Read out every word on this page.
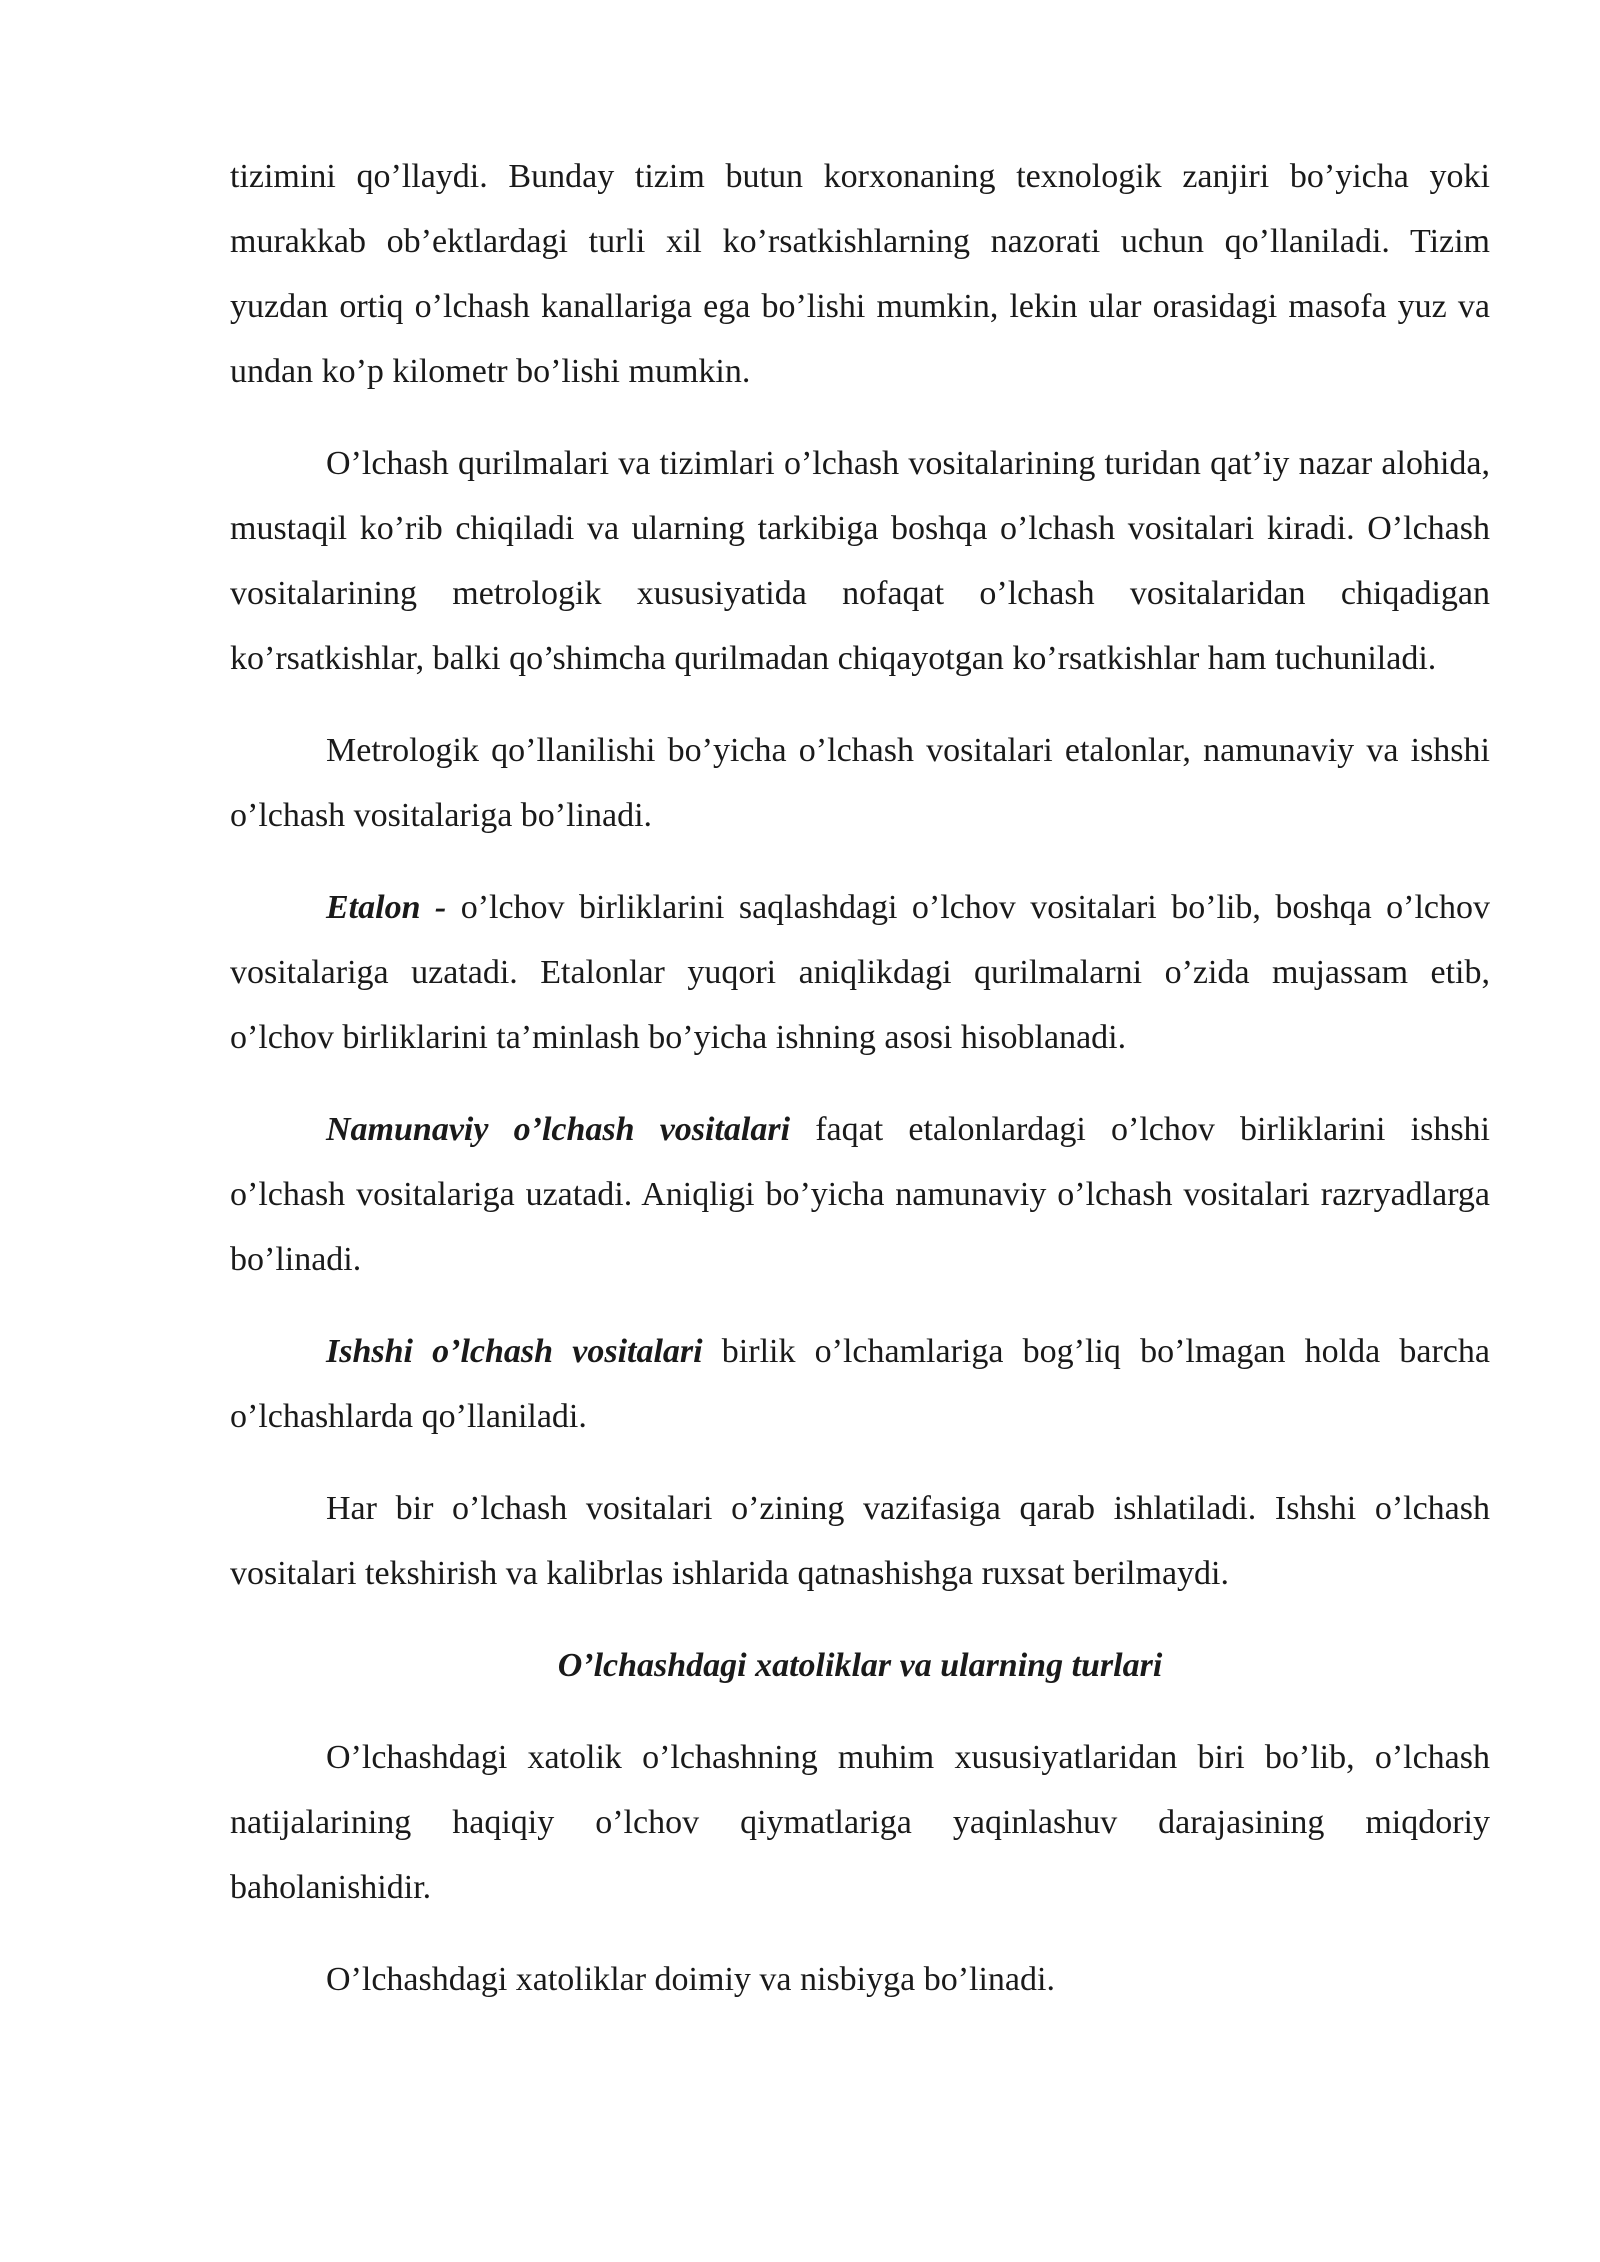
tizimini qo’llaydi. Bunday tizim butun korxonaning texnologik zanjiri bo’yicha yoki murakkab ob’ektlardagi turli xil ko’rsatkishlarning nazorati uchun qo’llaniladi. Tizim yuzdan ortiq o’lchash kanallariga ega bo’lishi mumkin, lekin ular orasidagi masofa yuz va undan ko’p kilometr bo’lishi mumkin.

O’lchash qurilmalari va tizimlari o’lchash vositalarining turidan qat’iy nazar alohida, mustaqil ko’rib chiqiladi va ularning tarkibiga boshqa o’lchash vositalari kiradi. O’lchash vositalarining metrologik xususiyatida nofaqat o’lchash vositalaridan chiqadigan ko’rsatkishlar, balki qo’shimcha qurilmadan chiqayotgan ko’rsatkishlar ham tuchuniladi.

Metrologik qo’llanilishi bo’yicha o’lchash vositalari etalonlar, namunaviy va ishshi o’lchash vositalariga bo’linadi.

Etalon - o’lchov birliklarini saqlashdagi o’lchov vositalari bo’lib, boshqa o’lchov vositalariga uzatadi. Etalonlar yuqori aniqlikdagi qurilmalarni o’zida mujassam etib, o’lchov birliklarini ta’minlash bo’yicha ishning asosi hisoblanadi.

Namunaviy o’lchash vositalari faqat etalonlardagi o’lchov birliklarini ishshi o’lchash vositalariga uzatadi. Aniqligi bo’yicha namunaviy o’lchash vositalari razryadlarga bo’linadi.

Ishshi o’lchash vositalari birlik o’lchamlariga bog’liq bo’lmagan holda barcha o’lchashlarda qo’llaniladi.

Har bir o’lchash vositalari o’zining vazifasiga qarab ishlatiladi. Ishshi o’lchash vositalari tekshirish va kalibrlas ishlarida qatnashishga ruxsat berilmaydi.

O’lchashdagi xatoliklar va ularning turlari

O’lchashdagi xatolik o’lchashning muhim xususiyatlaridan biri bo’lib, o’lchash natijalarining haqiqiy o’lchov qiymatlariga yaqinlashuv darajasining miqdoriy baholanishidir.

O’lchashdagi xatoliklar doimiy va nisbiyga bo’linadi.
